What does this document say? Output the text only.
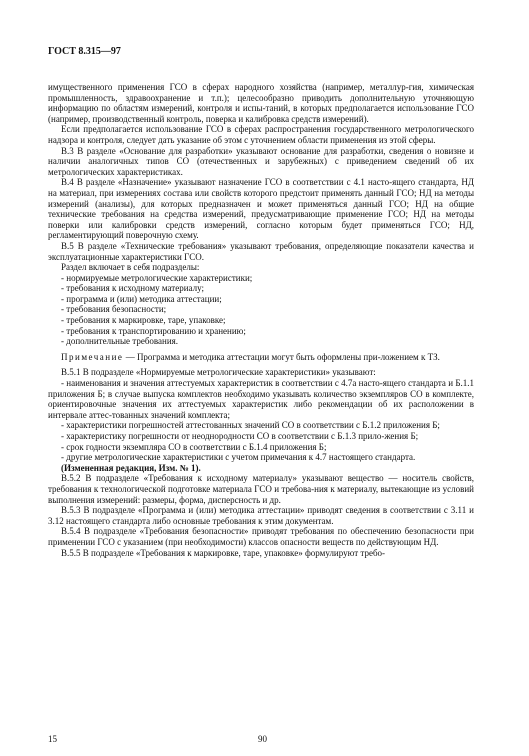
ГОСТ 8.315—97

имущественного применения ГСО в сферах народного хозяйства (например, металлур-гия, химическая промышленность, здравоохранение и т.п.); целесообразно приводить дополнительную уточняющую информацию по областям измерений, контроля и испы-таний, в которых предполагается использование ГСО (например, производственный контроль, поверка и калибровка средств измерений).

Если предполагается использование ГСО в сферах распространения государственного метрологического надзора и контроля, следует дать указание об этом с уточнением области применения из этой сферы.

В.3 В разделе «Основание для разработки» указывают основание для разработки, сведения о новизне и наличии аналогичных типов СО (отечественных и зарубежных) с приведением сведений об их метрологических характеристиках.

В.4 В разделе «Назначение» указывают назначение ГСО в соответствии с 4.1 насто-ящего стандарта, НД на материал, при измерениях состава или свойств которого предстоит применять данный ГСО; НД на методы измерений (анализы), для которых предназначен и может применяться данный ГСО; НД на общие технические требования на средства измерений, предусматривающие применение ГСО; НД на методы поверки или калибровки средств измерений, согласно которым будет применяться ГСО; НД, регламентирующий поверочную схему.

В.5 В разделе «Технические требования» указывают требования, определяющие показатели качества и эксплуатационные характеристики ГСО.

Раздел включает в себя подразделы:

- нормируемые метрологические характеристики;

- требования к исходному материалу;

- программа и (или) методика аттестации;

- требования безопасности;

- требования к маркировке, таре, упаковке;

- требования к транспортированию и хранению;

- дополнительные требования.

Примечание — Программа и методика аттестации могут быть оформлены при-ложением к ТЗ.

В.5.1 В подразделе «Нормируемые метрологические характеристики» указывают:

- наименования и значения аттестуемых характеристик в соответствии с 4.7а насто-ящего стандарта и Б.1.1 приложения Б; в случае выпуска комплектов необходимо указывать количество экземпляров СО в комплекте, ориентировочные значения их аттестуемых характеристик либо рекомендации об их расположении в интервале аттес-тованных значений комплекта;

- характеристики погрешностей аттестованных значений СО в соответствии с Б.1.2 приложения Б;

- характеристику погрешности от неоднородности СО в соответствии с Б.1.3 прило-жения Б;

- срок годности экземпляра СО в соответствии с Б.1.4 приложения Б;

- другие метрологические характеристики с учетом примечания к 4.7 настоящего стандарта.

(Измененная редакция, Изм. № 1).

В.5.2 В подразделе «Требования к исходному материалу» указывают вещество — носитель свойств, требования к технологической подготовке материала ГСО и требова-ния к материалу, вытекающие из условий выполнения измерений: размеры, форма, дисперсность и др.

В.5.3 В подразделе «Программа и (или) методика аттестации» приводят сведения в соответствии с 3.11 и 3.12 настоящего стандарта либо основные требования к этим документам.

В.5.4 В подразделе «Требования безопасности» приводят требования по обеспечению безопасности при применении ГСО с указанием (при необходимости) классов опасности веществ по действующим НД.

В.5.5 В подразделе «Требования к маркировке, таре, упаковке» формулируют требо-

15	90
